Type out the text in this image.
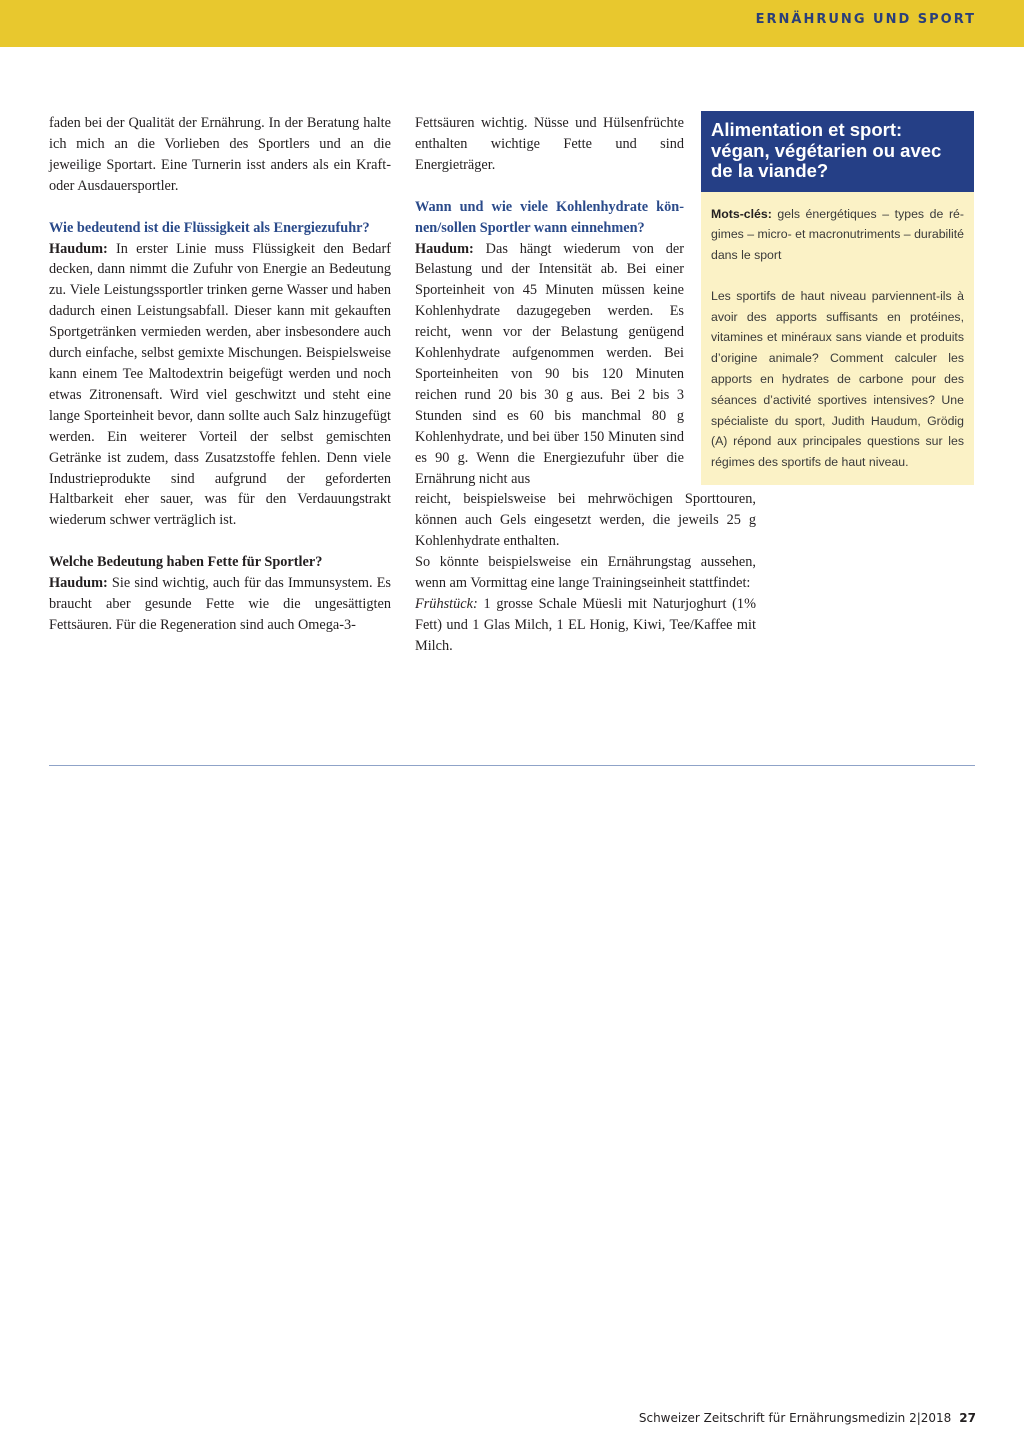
ERNÄHRUNG UND SPORT

faden bei der Qualität der Ernährung. In der Beratung halte ich mich an die Vorlieben des Sportlers und an die jeweilige Sportart. Eine Turnerin isst anders als ein Kraft- oder Ausdauersportler.

Wie bedeutend ist die Flüssigkeit als Energiezufuhr?

Haudum: In erster Linie muss Flüssigkeit den Bedarf decken, dann nimmt die Zufuhr von Energie an Bedeutung zu. Viele Leistungssportler trinken gerne Wasser und haben dadurch einen Leistungsabfall. Dieser kann mit gekauften Sportgetränken vermieden werden, aber insbesondere auch durch einfache, selbst gemixte Mischungen. Beispielsweise kann einem Tee Maltodextrin beigefügt werden und noch etwas Zitronensaft. Wird viel geschwitzt und steht eine lange Sporteinheit bevor, dann sollte auch Salz hinzugefügt werden. Ein weiterer Vorteil der selbst gemischten Getränke ist zudem, dass Zusatzstoffe fehlen. Denn viele Industrieprodukte sind aufgrund der geforderten Haltbarkeit eher sauer, was für den Verdauungstrakt wiederum schwer verträglich ist.

Welche Bedeutung haben Fette für Sportler?

Haudum: Sie sind wichtig, auch für das Immunsystem. Es braucht aber gesunde Fette wie die ungesättigten Fettsäuren. Für die Regeneration sind auch Omega-3-

Fettsäuren wichtig. Nüsse und Hülsenfrüchte enthalten wichtige Fette und sind Energieträger.

Wann und wie viele Kohlenhydrate können/sollen Sportler wann einnehmen?

Haudum: Das hängt wiederum von der Belastung und der Intensität ab. Bei einer Sporteinheit von 45 Minuten müssen keine Kohlenhydrate dazugegeben werden. Es reicht, wenn vor der Belastung genügend Kohlenhydrate aufgenommen werden. Bei Sporteinheiten von 90 bis 120 Minuten reichen rund 20 bis 30 g aus. Bei 2 bis 3 Stunden sind es 60 bis manchmal 80 g Kohlenhydrate, und bei über 150 Minuten sind es 90 g. Wenn die Energiezufuhr über die Ernährung nicht aus

reicht, beispielsweise bei mehrwöchigen Sporttouren, können auch Gels eingesetzt werden, die jeweils 25 g Kohlenhydrate enthalten.

So könnte beispielsweise ein Ernährungstag aussehen, wenn am Vormittag eine lange Trainingseinheit stattfindet:

Frühstück: 1 grosse Schale Müesli mit Naturjoghurt (1% Fett) und 1 Glas Milch, 1 EL Honig, Kiwi, Tee/Kaffee mit Milch.

Alimentation et sport: végan, végétarien ou avec de la viande?

Mots-clés: gels énergétiques – types de régimes – micro- et macronutriments – durabilité dans le sport

Les sportifs de haut niveau parviennent-ils à avoir des apports suffisants en protéines, vitamines et minéraux sans viande et produits d’origine animale? Comment calculer les apports en hydrates de carbone pour des séances d’activité sportives intensives? Une spécialiste du sport, Judith Haudum, Grödig (A) répond aux principales questions sur les régimes des sportifs de haut niveau.

Schweizer Zeitschrift für Ernährungsmedizin 2|2018 27
